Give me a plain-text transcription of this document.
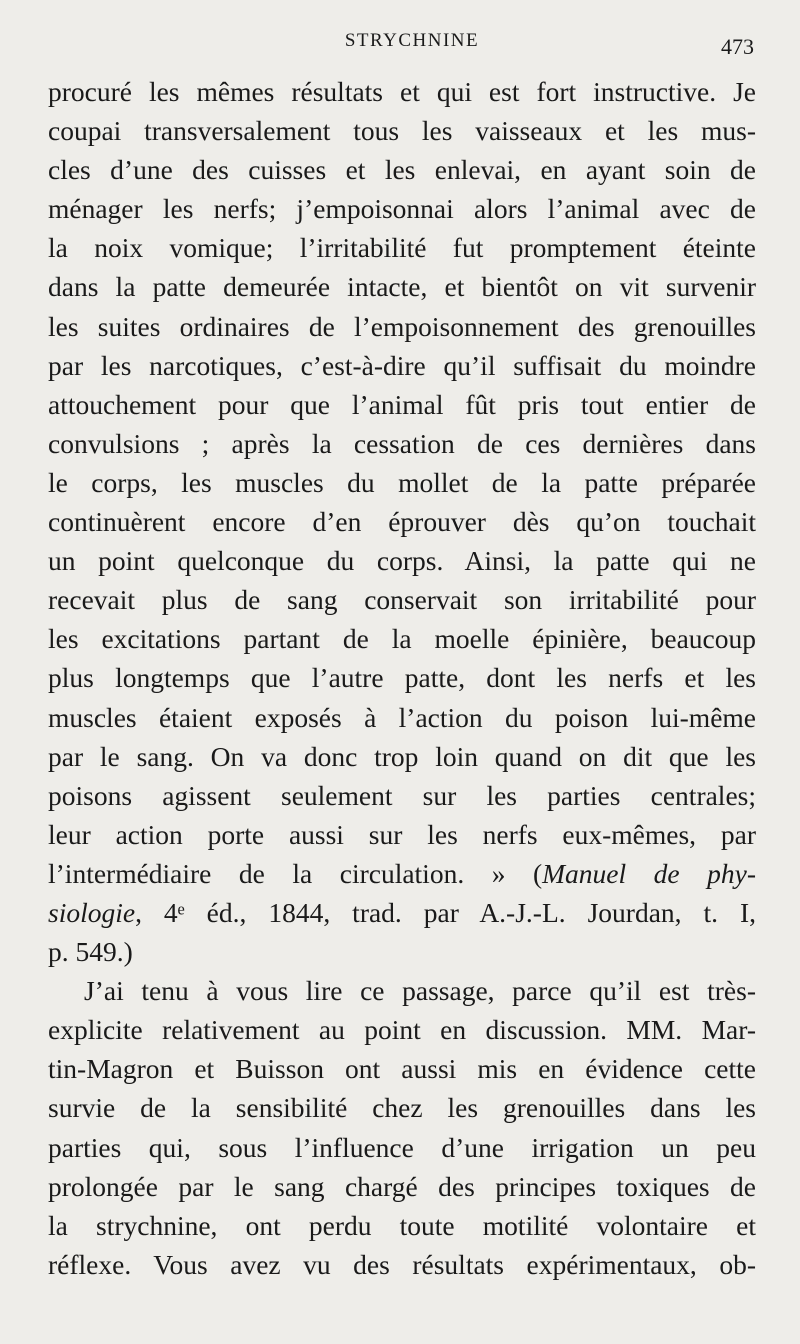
STRYCHNINE	473
procuré les mêmes résultats et qui est fort instructive. Je
coupai transversalement tous les vaisseaux et les mus-
cles d’une des cuisses et les enlevai, en ayant soin de
ménager les nerfs; j’empoisonnai alors l’animal avec de
la noix vomique; l’irritabilité fut promptement éteinte
dans la patte demeurée intacte, et bientôt on vit survenir
les suites ordinaires de l’empoisonnement des grenouilles
par les narcotiques, c’est-à-dire qu’il suffisait du moindre
attouchement pour que l’animal fût pris tout entier de
convulsions ; après la cessation de ces dernières dans
le corps, les muscles du mollet de la patte préparée
continuèrent encore d’en éprouver dès qu’on touchait
un point quelconque du corps. Ainsi, la patte qui ne
recevait plus de sang conservait son irritabilité pour
les excitations partant de la moelle épinière, beaucoup
plus longtemps que l’autre patte, dont les nerfs et les
muscles étaient exposés à l’action du poison lui-même
par le sang. On va donc trop loin quand on dit que les
poisons agissent seulement sur les parties centrales;
leur action porte aussi sur les nerfs eux-mêmes, par
l’intermédiaire de la circulation. » (Manuel de phy-
siologie, 4ᵉ éd., 1844, trad. par A.-J.-L. Jourdan, t. I,
p. 549.)
J’ai tenu à vous lire ce passage, parce qu’il est très-
explicite relativement au point en discussion. MM. Mar-
tin-Magron et Buisson ont aussi mis en évidence cette
survie de la sensibilité chez les grenouilles dans les
parties qui, sous l’influence d’une irrigation un peu
prolongée par le sang chargé des principes toxiques de
la strychnine, ont perdu toute motilité volontaire et
réflexe. Vous avez vu des résultats expérimentaux, ob-
